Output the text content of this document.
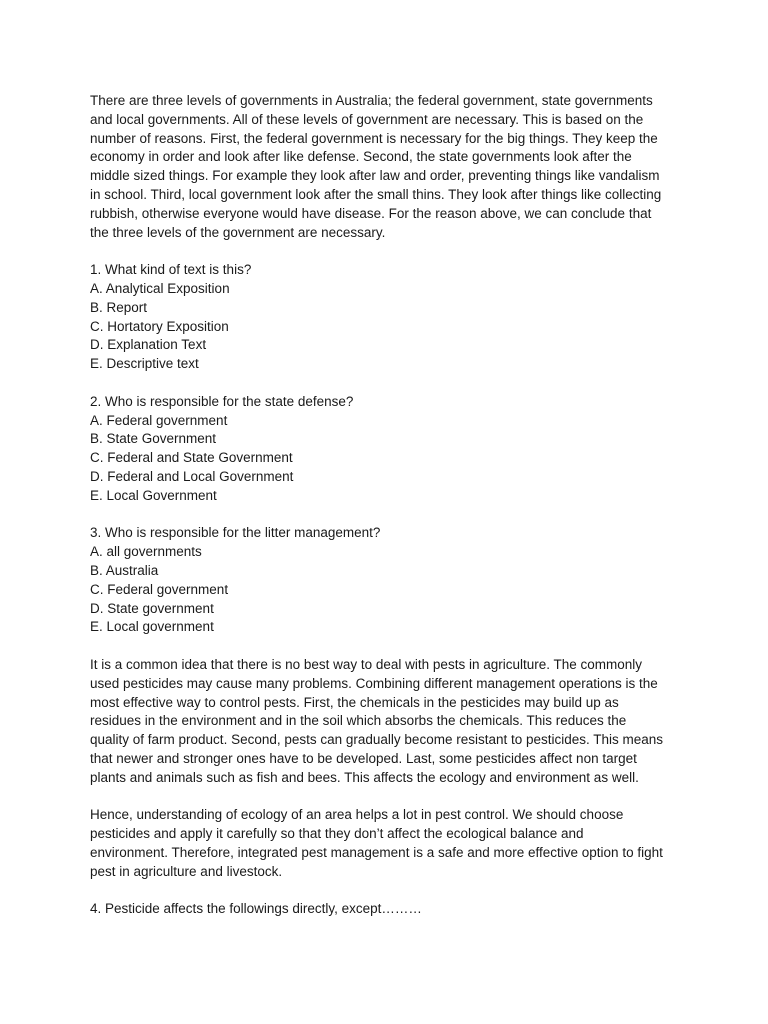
There are three levels of governments in Australia; the federal government, state governments
and local governments. All of these levels of government are necessary. This is based on the
number of reasons. First, the federal government is necessary for the big things. They keep the
economy in order and look after like defense. Second, the state governments look after the
middle sized things. For example they look after law and order, preventing things like vandalism
in school. Third, local government look after the small thins. They look after things like collecting
rubbish, otherwise everyone would have disease. For the reason above, we can conclude that
the three levels of the government are necessary.
1. What kind of text is this?
A. Analytical Exposition
B. Report
C. Hortatory Exposition
D. Explanation Text
E. Descriptive text
2. Who is responsible for the state defense?
A. Federal government
B. State Government
C. Federal and State Government
D. Federal and Local Government
E. Local Government
3. Who is responsible for the litter management?
A. all governments
B. Australia
C. Federal government
D. State government
E. Local government
It is a common idea that there is no best way to deal with pests in agriculture. The commonly
used pesticides may cause many problems. Combining different management operations is the
most effective way to control pests. First, the chemicals in the pesticides may build up as
residues in the environment and in the soil which absorbs the chemicals. This reduces the
quality of farm product. Second, pests can gradually become resistant to pesticides. This means
that newer and stronger ones have to be developed. Last, some pesticides affect non target
plants and animals such as fish and bees. This affects the ecology and environment as well.
Hence, understanding of ecology of an area helps a lot in pest control. We should choose
pesticides and apply it carefully so that they don’t affect the ecological balance and
environment. Therefore, integrated pest management is a safe and more effective option to fight
pest in agriculture and livestock.
4. Pesticide affects the followings directly, except………
